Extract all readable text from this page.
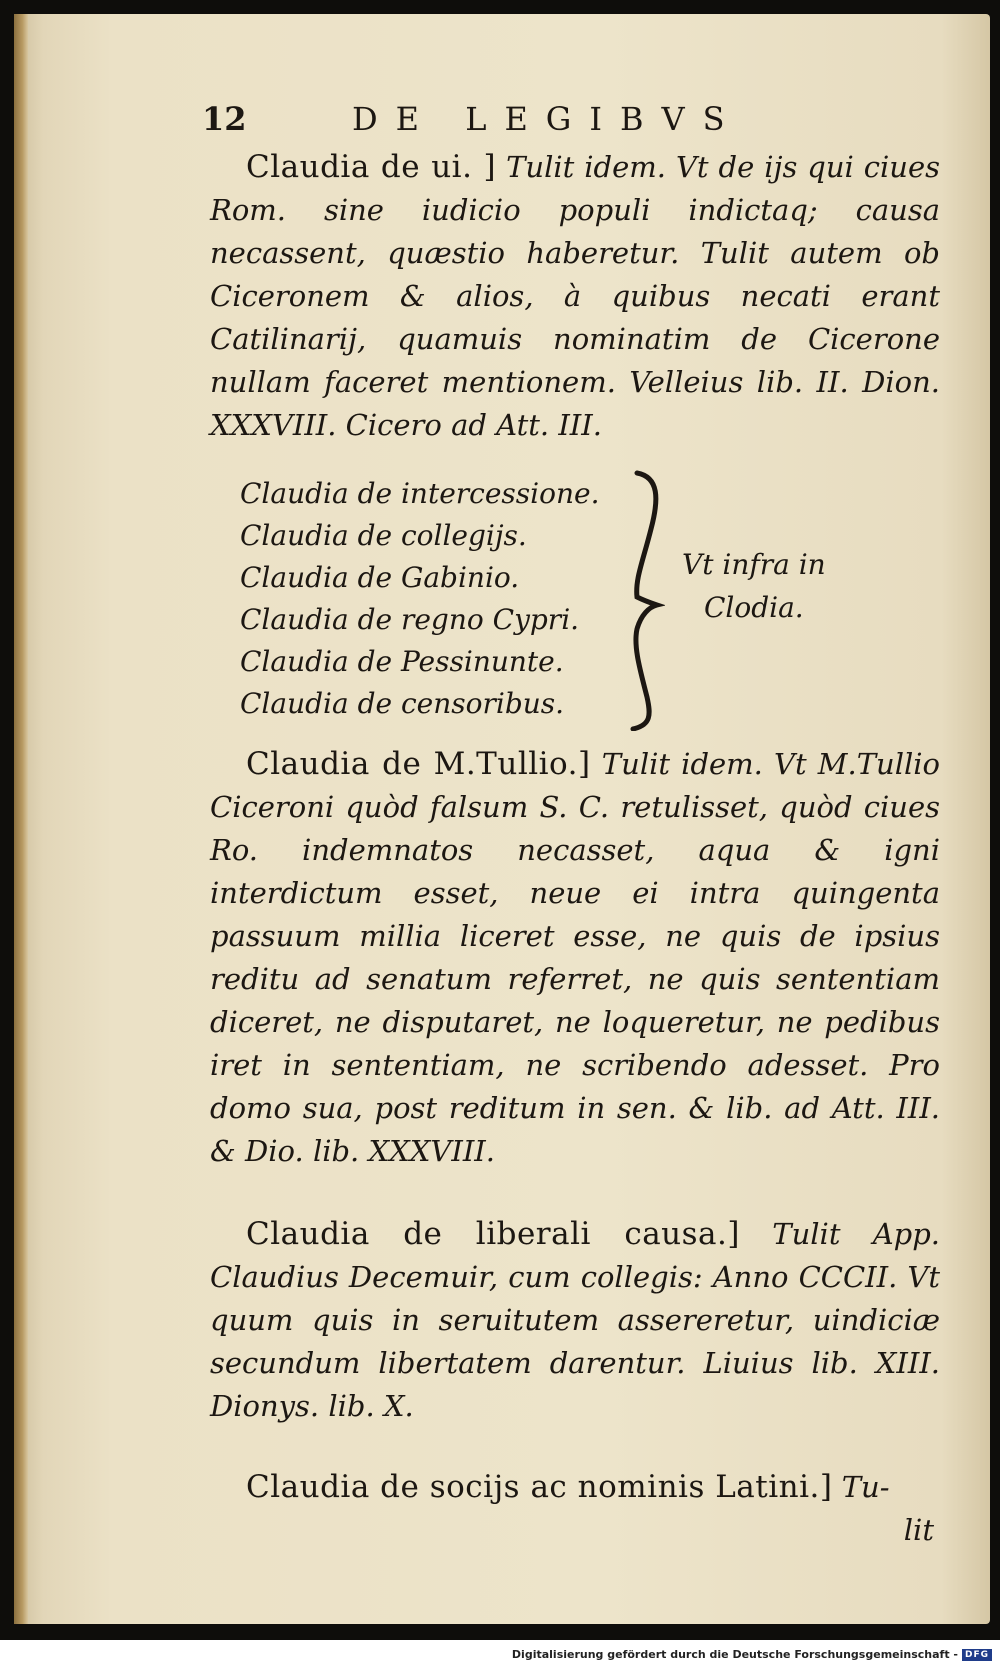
12	DE LEGIBVS

Claudia de ui. ] Tulit idem. Vt de ijs qui ciues Rom. sine iudicio populi indictaq; causa necassent, quæstio haberetur. Tulit autem ob Ciceronem & alios, à quibus necati erant Catilinarij, quamuis nominatim de Cicerone nullam faceret mentionem. Velleius lib. II. Dion. XXXVIII. Cicero ad Att. III.

Claudia de intercessione.
Claudia de collegijs.
Claudia de Gabinio.
Claudia de regno Cypri.
Claudia de Pessinunte.
Claudia de censoribus.
Vt infra in
Clodia.

Claudia de M.Tullio.] Tulit idem. Vt M.Tullio Ciceroni quòd falsum S. C. retulisset, quòd ciues Ro. indemnatos necasset, aqua & igni interdictum esset, neue ei intra quingenta passuum millia liceret esse, ne quis de ipsius reditu ad senatum referret, ne quis sententiam diceret, ne disputaret, ne loqueretur, ne pedibus iret in sententiam, ne scribendo adesset. Pro domo sua, post reditum in sen. & lib. ad Att. III. & Dio. lib. XXXVIII.

Claudia de liberali causa.] Tulit App. Claudius Decemuir, cum collegis: Anno CCCII. Vt quum quis in seruitutem assereretur, uindiciæ secundum libertatem darentur. Liuius lib. XIII. Dionys. lib. X.

Claudia de socijs ac nominis Latini.] Tu-

lit
Digitalisierung gefördert durch die Deutsche Forschungsgemeinschaft - DFG
